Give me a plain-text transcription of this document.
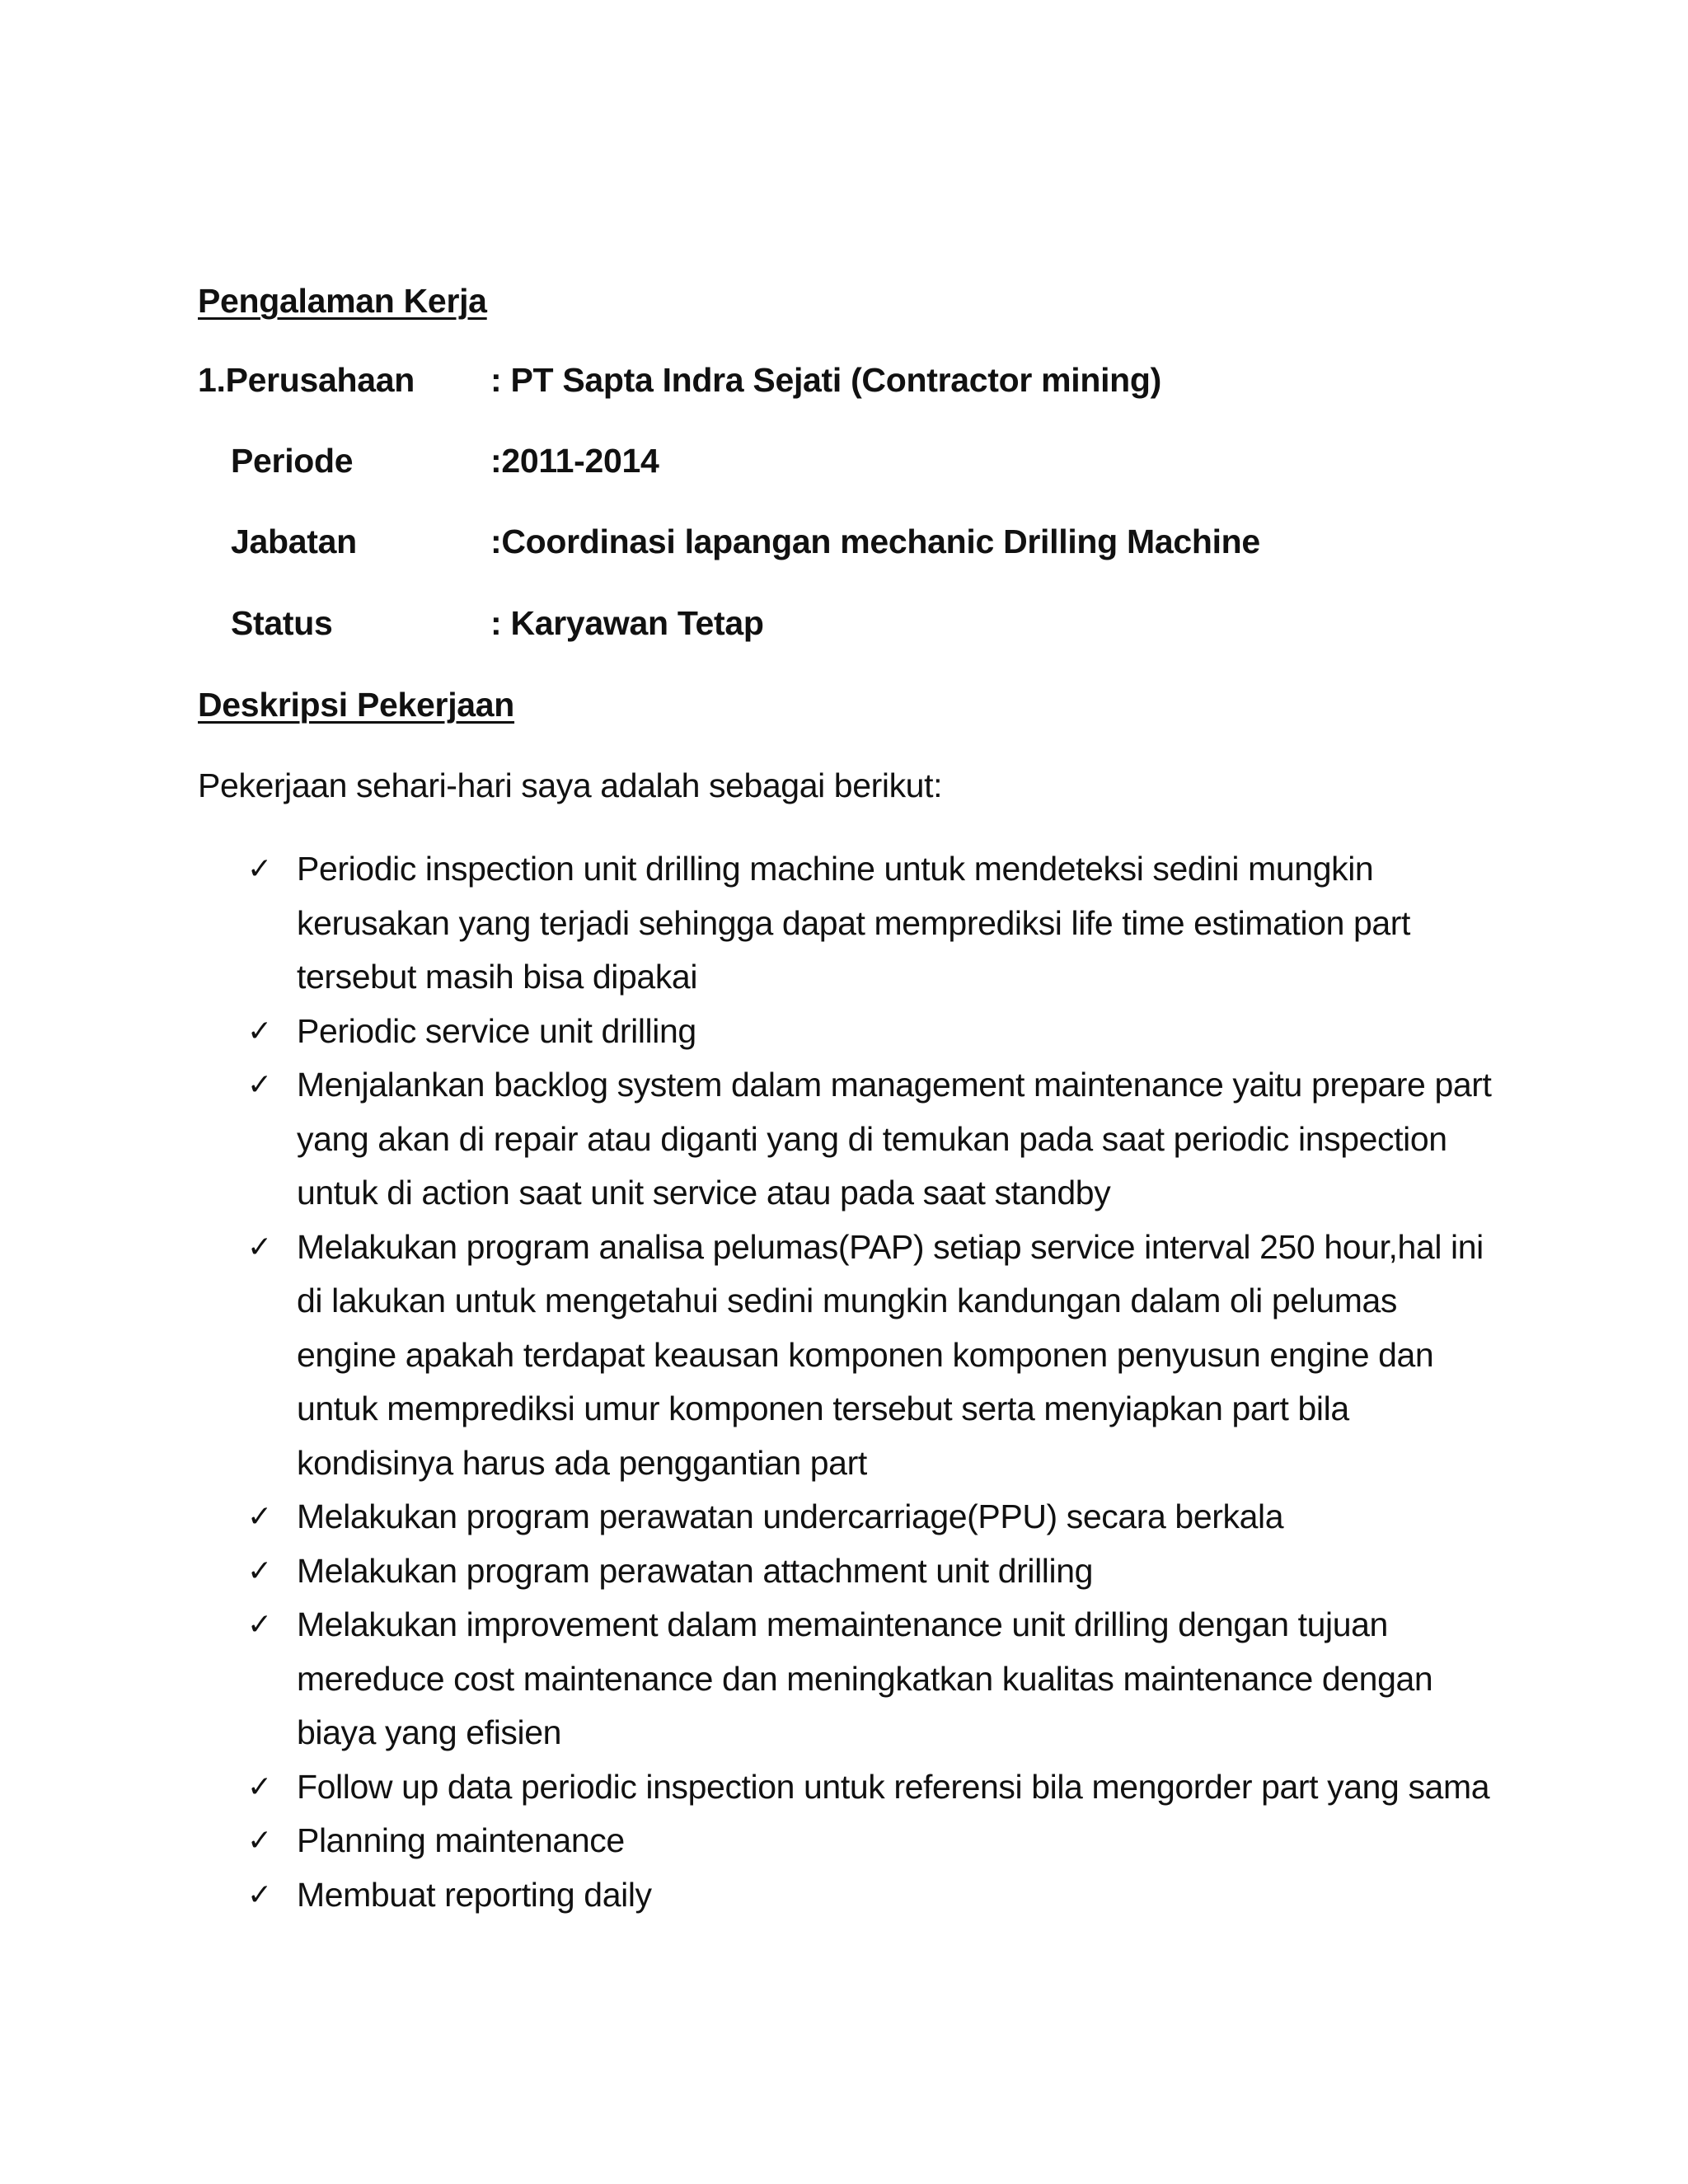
Pengalaman Kerja
1.Perusahaan : PT Sapta Indra Sejati (Contractor mining)
Periode	:2011-2014
Jabatan	:Coordinasi lapangan mechanic Drilling Machine
Status	: Karyawan Tetap
Deskripsi Pekerjaan
Pekerjaan sehari-hari saya adalah sebagai berikut:
✓ Periodic inspection unit drilling machine untuk mendeteksi sedini mungkin kerusakan yang terjadi sehingga dapat memprediksi life time estimation part tersebut masih bisa dipakai
✓ Periodic service unit drilling
✓ Menjalankan backlog system dalam management maintenance yaitu prepare part yang akan di repair atau diganti yang di temukan pada saat periodic inspection untuk di action saat unit service atau pada saat standby
✓ Melakukan program analisa pelumas(PAP) setiap service interval 250 hour,hal ini di lakukan untuk mengetahui sedini mungkin kandungan dalam oli pelumas engine apakah terdapat keausan komponen komponen penyusun engine dan untuk memprediksi umur komponen tersebut serta menyiapkan part bila kondisinya harus ada penggantian part
✓ Melakukan program perawatan undercarriage(PPU) secara berkala
✓ Melakukan program perawatan attachment unit drilling
✓ Melakukan improvement dalam memaintenance unit drilling dengan tujuan mereduce cost maintenance dan meningkatkan kualitas maintenance dengan biaya yang efisien
✓ Follow up data periodic inspection untuk referensi bila mengorder part yang sama
✓ Planning maintenance
✓ Membuat reporting daily
